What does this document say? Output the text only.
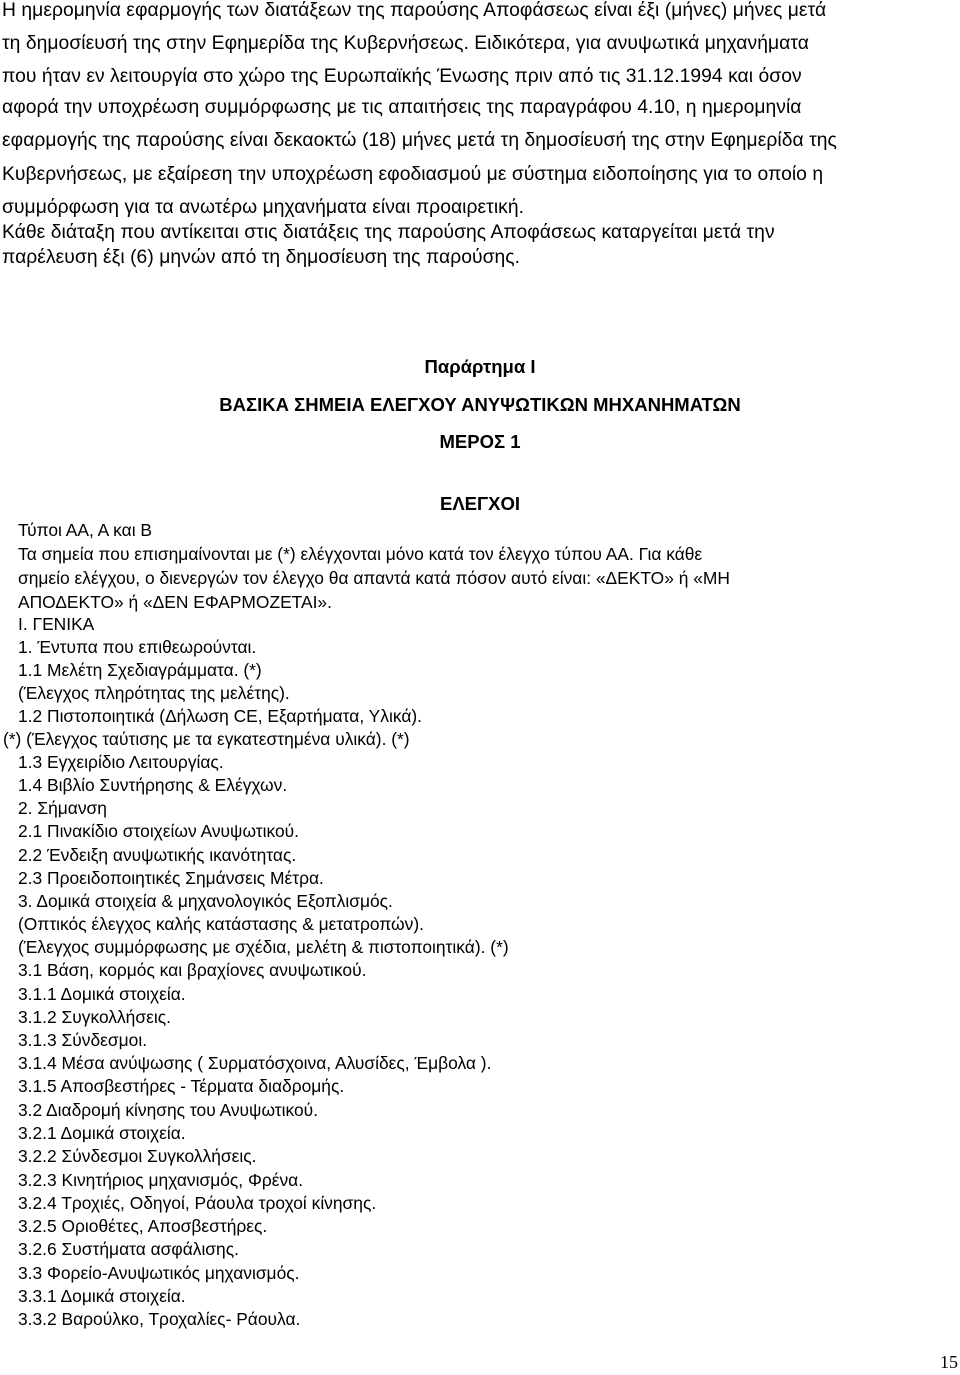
Η ημερομηνία εφαρμογής των διατάξεων της παρούσης Αποφάσεως είναι έξι (μήνες) μήνες μετά
τη δημοσίευσή της στην Εφημερίδα της Κυβερνήσεως. Ειδικότερα, για ανυψωτικά μηχανήματα
που ήταν εν λειτουργία στο χώρο της Ευρωπαϊκής Ένωσης πριν από τις 31.12.1994 και όσον
αφορά την υποχρέωση συμμόρφωσης με τις απαιτήσεις της παραγράφου 4.10, η ημερομηνία
εφαρμογής της παρούσης είναι δεκαοκτώ (18) μήνες μετά τη δημοσίευσή της στην Εφημερίδα της
Κυβερνήσεως, με εξαίρεση την υποχρέωση εφοδιασμού με σύστημα ειδοποίησης για το οποίο η
συμμόρφωση για τα ανωτέρω μηχανήματα είναι προαιρετική.
Κάθε διάταξη που αντίκειται στις διατάξεις της παρούσης Αποφάσεως καταργείται μετά την
παρέλευση έξι (6) μηνών από τη δημοσίευση της παρούσης.
Παράρτημα Ι
ΒΑΣΙΚΑ ΣΗΜΕΙΑ ΕΛΕΓΧΟΥ ΑΝΥΨΩΤΙΚΩΝ ΜΗΧΑΝΗΜΑΤΩΝ
ΜΕΡΟΣ 1
ΕΛΕΓΧΟΙ
Τύποι ΑΑ, Α και Β
Τα σημεία που επισημαίνονται με (*) ελέγχονται μόνο κατά τον έλεγχο τύπου ΑΑ. Για κάθε
σημείο ελέγχου, ο διενεργών τον έλεγχο θα απαντά κατά πόσον αυτό είναι: «ΔΕΚΤΟ» ή «ΜΗ
ΑΠΟΔΕΚΤΟ» ή «ΔΕΝ ΕΦΑΡΜΟΖΕΤΑΙ».
Ι. ΓΕΝΙΚΑ
1. Έντυπα που επιθεωρούνται.
1.1 Μελέτη Σχεδιαγράμματα. (*)
(Έλεγχος πληρότητας της μελέτης).
1.2 Πιστοποιητικά (Δήλωση CE, Εξαρτήματα, Υλικά).
(*) (Έλεγχος ταύτισης με τα εγκατεστημένα υλικά). (*)
1.3 Εγχειρίδιο Λειτουργίας.
1.4 Βιβλίο Συντήρησης & Ελέγχων.
2. Σήμανση
2.1 Πινακίδιο στοιχείων Ανυψωτικού.
2.2 Ένδειξη ανυψωτικής ικανότητας.
2.3 Προειδοποιητικές Σημάνσεις Μέτρα.
3. Δομικά στοιχεία & μηχανολογικός Εξοπλισμός.
(Οπτικός έλεγχος καλής κατάστασης & μετατροπών).
(Έλεγχος συμμόρφωσης με σχέδια, μελέτη & πιστοποιητικά). (*)
3.1 Βάση, κορμός και βραχίονες ανυψωτικού.
3.1.1 Δομικά στοιχεία.
3.1.2 Συγκολλήσεις.
3.1.3 Σύνδεσμοι.
3.1.4 Μέσα ανύψωσης ( Συρματόσχοινα, Αλυσίδες, Έμβολα ).
3.1.5 Αποσβεστήρες - Τέρματα διαδρομής.
3.2 Διαδρομή κίνησης του Ανυψωτικού.
3.2.1 Δομικά στοιχεία.
3.2.2 Σύνδεσμοι Συγκολλήσεις.
3.2.3 Κινητήριος μηχανισμός, Φρένα.
3.2.4 Τροχιές, Οδηγοί, Ράουλα τροχοί κίνησης.
3.2.5 Οριοθέτες, Αποσβεστήρες.
3.2.6 Συστήματα ασφάλισης.
3.3 Φορείο-Ανυψωτικός μηχανισμός.
3.3.1 Δομικά στοιχεία.
3.3.2 Βαρούλκο, Τροχαλίες- Ράουλα.
15
